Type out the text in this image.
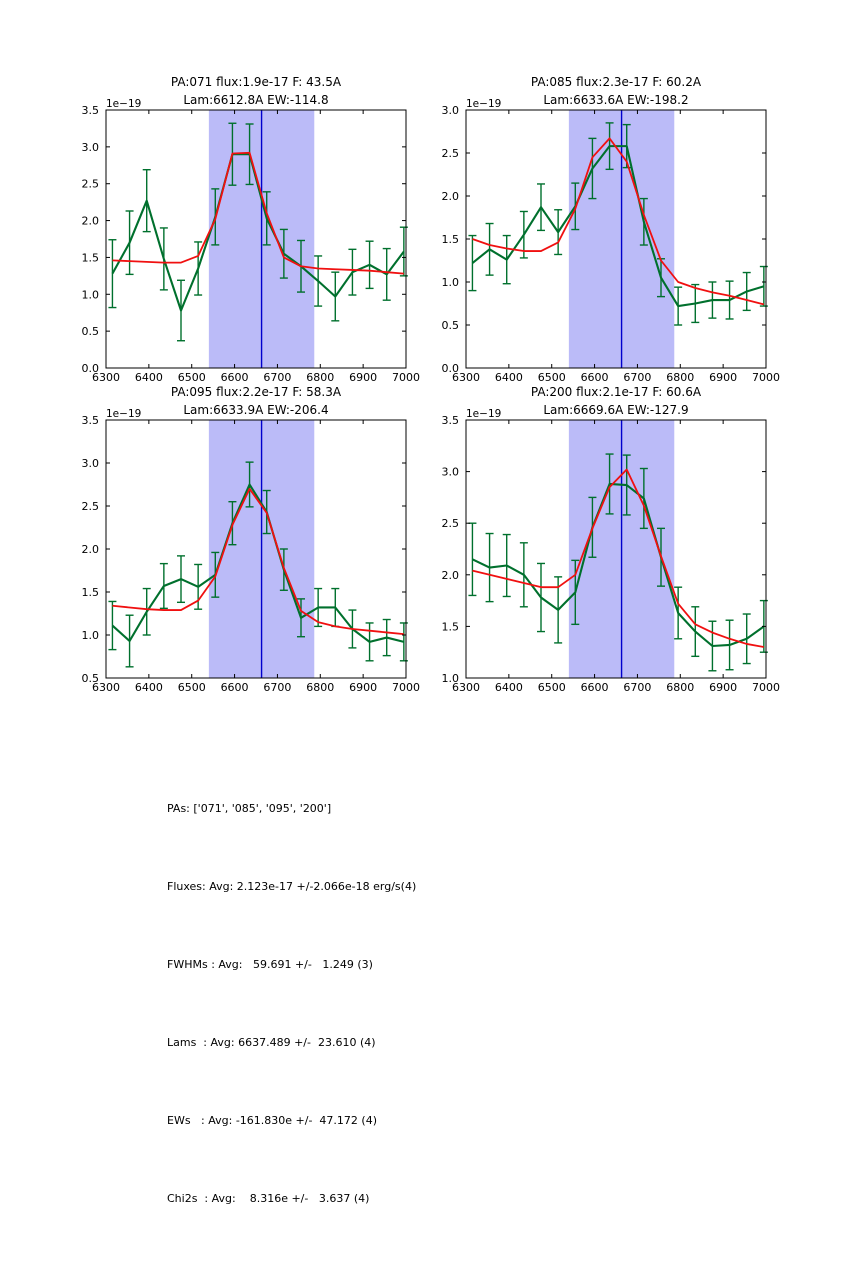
6300 6400 6500 6600 6700 6800 6900 7000
0.0
0.5
1.0
1.5
2.0
2.5
3.0
3.5
PA:071 flux:1.9e-17 F: 43.5A
Lam:6612.8A EW:-114.8
1e−19
6300 6400 6500 6600 6700 6800 6900 7000
0.0
0.5
1.0
1.5
2.0
2.5
3.0
PA:085 flux:2.3e-17 F: 60.2A
Lam:6633.6A EW:-198.2
1e−19
6300 6400 6500 6600 6700 6800 6900 7000
0.5
1.0
1.5
2.0
2.5
3.0
3.5
PA:095 flux:2.2e-17 F: 58.3A
Lam:6633.9A EW:-206.4
1e−19
6300 6400 6500 6600 6700 6800 6900 7000
1.0
1.5
2.0
2.5
3.0
3.5
PA:200 flux:2.1e-17 F: 60.6A
Lam:6669.6A EW:-127.9
1e−19

PAs: ['071', '085', '095', '200']

Fluxes: Avg: 2.123e-17 +/-2.066e-18 erg/s(4)

FWHMs : Avg:   59.691 +/-   1.249 (3)

Lams  : Avg: 6637.489 +/-  23.610 (4)

EWs   : Avg: -161.830e +/-  47.172 (4)

Chi2s  : Avg:    8.316e +/-   3.637 (4)
